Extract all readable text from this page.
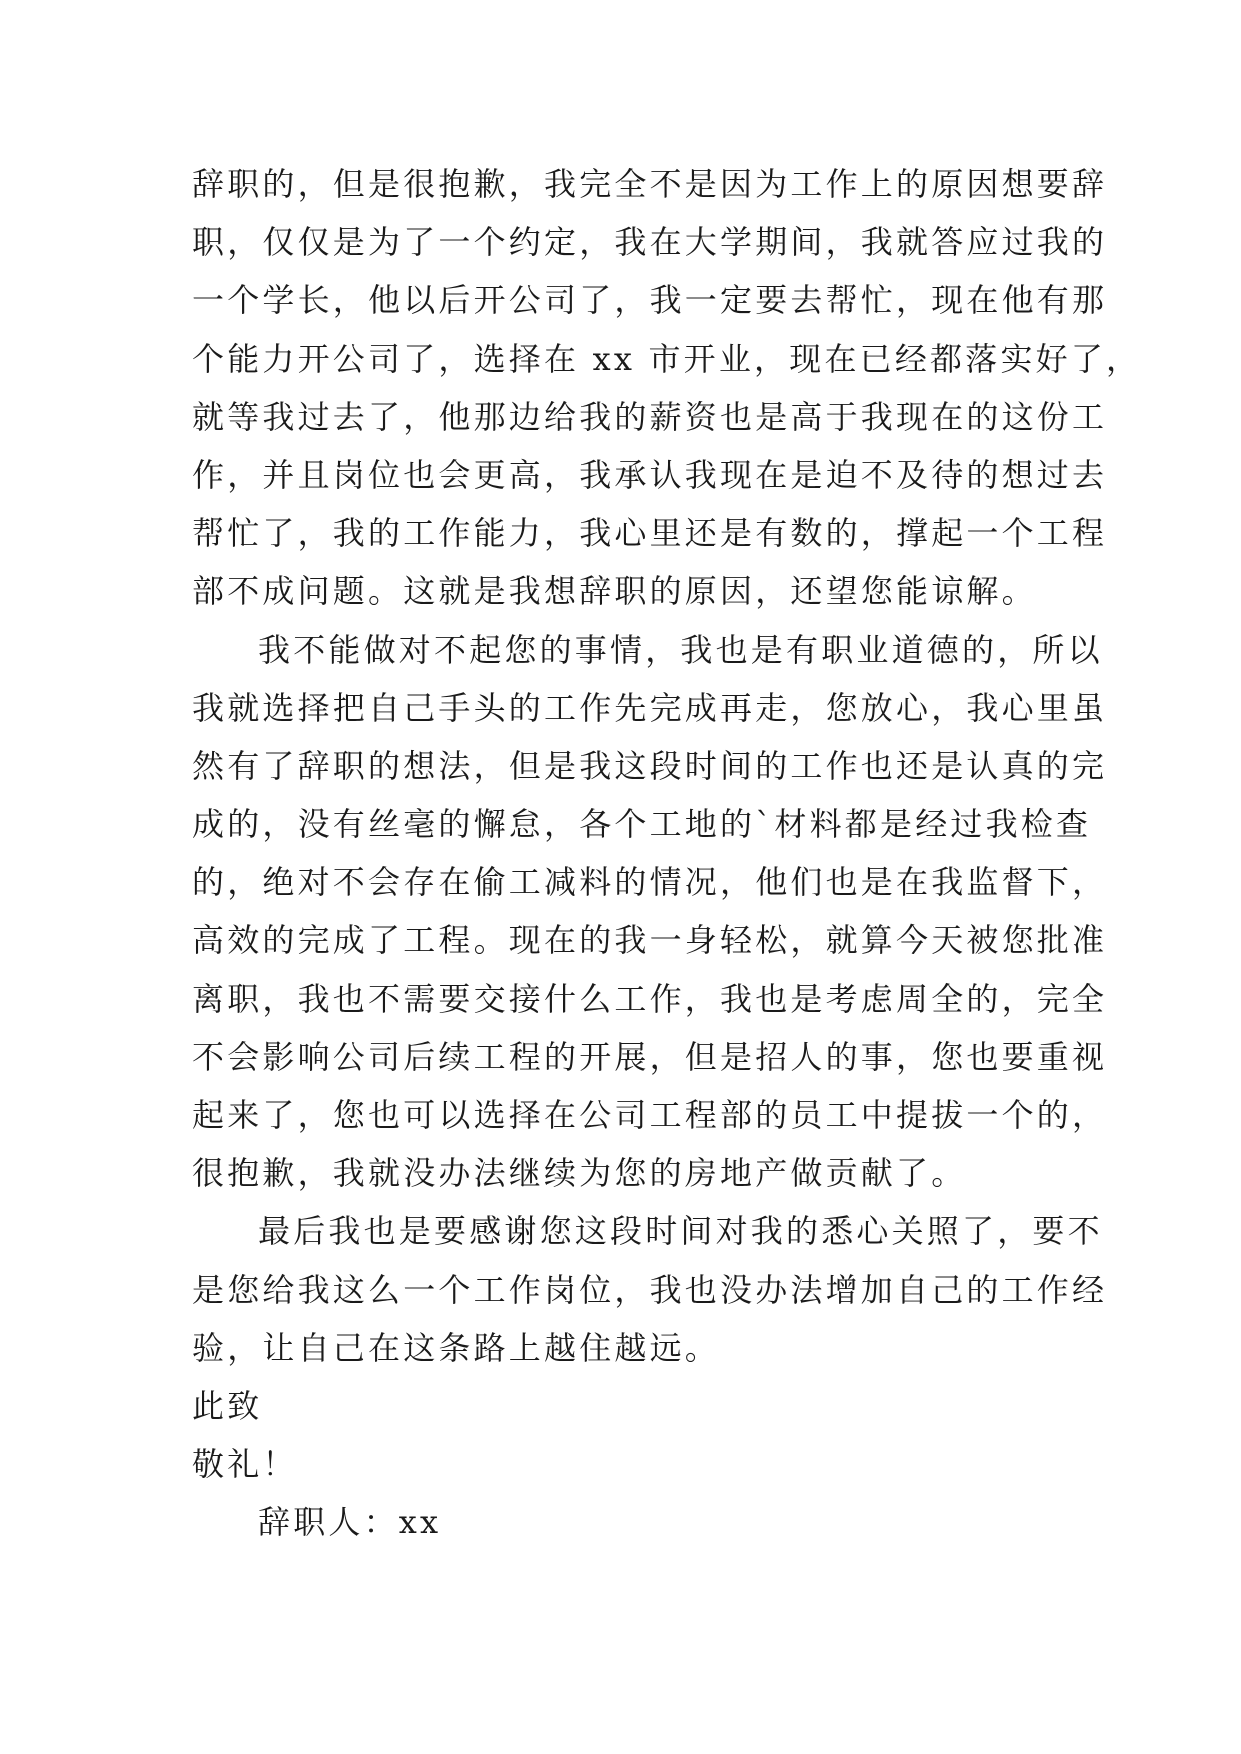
辞职的，但是很抱歉，我完全不是因为工作上的原因想要辞
职，仅仅是为了一个约定，我在大学期间，我就答应过我的
一个学长，他以后开公司了，我一定要去帮忙，现在他有那
个能力开公司了，选择在 xx 市开业，现在已经都落实好了，
就等我过去了，他那边给我的薪资也是高于我现在的这份工
作，并且岗位也会更高，我承认我现在是迫不及待的想过去
帮忙了，我的工作能力，我心里还是有数的，撑起一个工程
部不成问题。这就是我想辞职的原因，还望您能谅解。
我不能做对不起您的事情，我也是有职业道德的，所以
我就选择把自己手头的工作先完成再走，您放心，我心里虽
然有了辞职的想法，但是我这段时间的工作也还是认真的完
成的，没有丝毫的懈怠，各个工地的`材料都是经过我检查
的，绝对不会存在偷工减料的情况，他们也是在我监督下，
高效的完成了工程。现在的我一身轻松，就算今天被您批准
离职，我也不需要交接什么工作，我也是考虑周全的，完全
不会影响公司后续工程的开展，但是招人的事，您也要重视
起来了，您也可以选择在公司工程部的员工中提拔一个的，
很抱歉，我就没办法继续为您的房地产做贡献了。
最后我也是要感谢您这段时间对我的悉心关照了，要不
是您给我这么一个工作岗位，我也没办法增加自己的工作经
验，让自己在这条路上越住越远。
此致
敬礼！
辞职人：xx
